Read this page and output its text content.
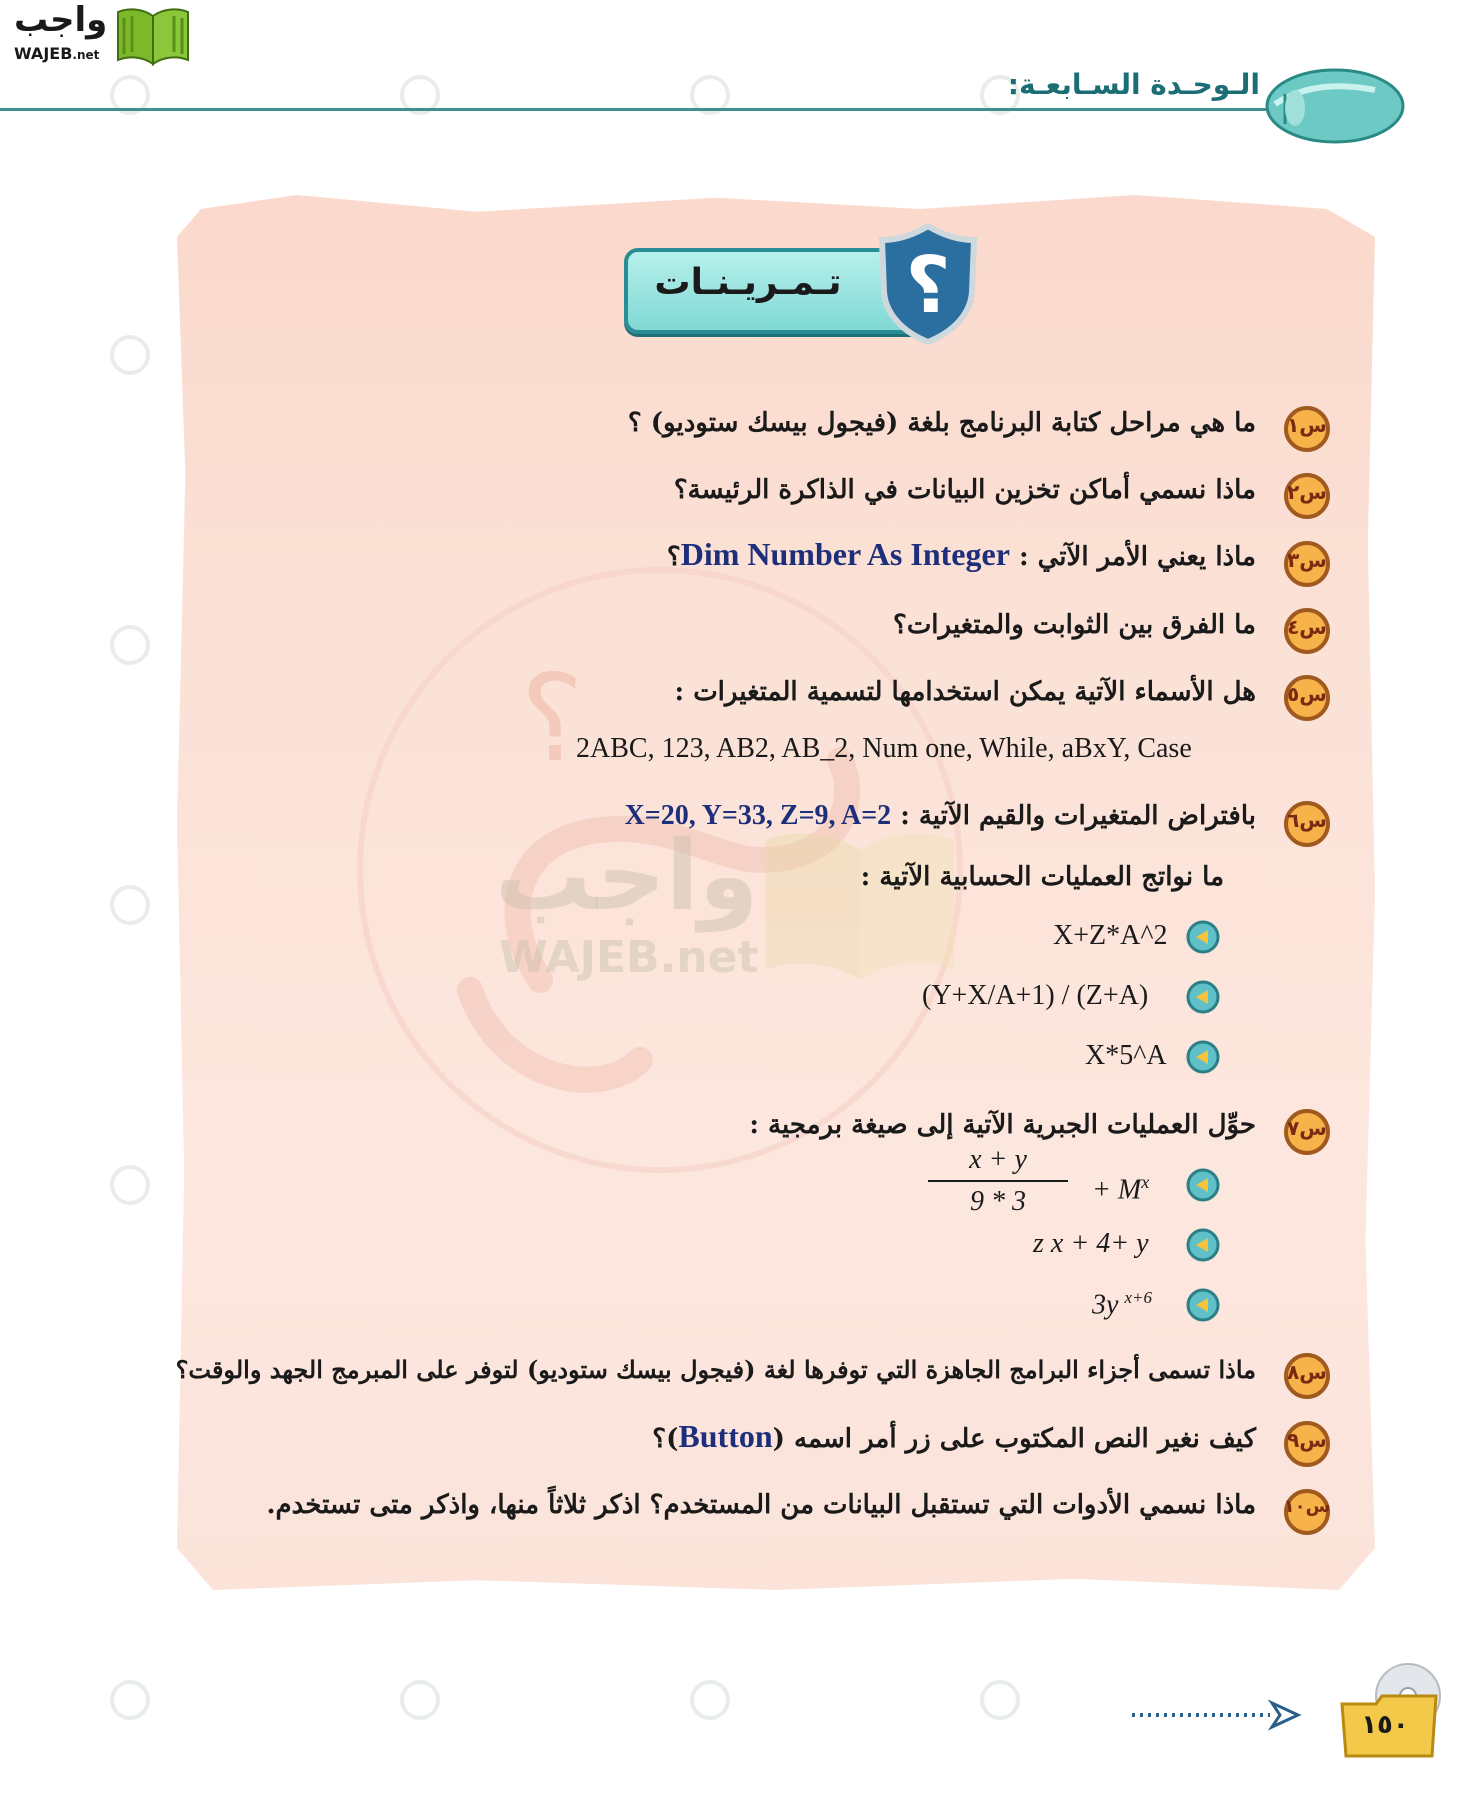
واجب
WAJEB.net
الـوحـدة السـابعـة:
؟
واجب
WAJEB.net
تـمـريـنـات ؟
س١
ما هي مراحل كتابة البرنامج بلغة (فيجول بيسك ستوديو) ؟
س٢
ماذا نسمي أماكن تخزين البيانات في الذاكرة الرئيسة؟
س٣
ماذا يعني الأمر الآتي : Dim Number As Integer؟
س٤
ما الفرق بين الثوابت والمتغيرات؟
س٥
هل الأسماء الآتية يمكن استخدامها لتسمية المتغيرات :
2ABC, 123, AB2, AB_2, Num one, While, aBxY, Case
س٦
بافتراض المتغيرات والقيم الآتية : X=20, Y=33, Z=9, A=2
ما نواتج العمليات الحسابية الآتية :
X+Z*A^2
(Y+X/A+1) / (Z+A)
X*5^A
س٧
حوِّل العمليات الجبرية الآتية إلى صيغة برمجية :
x + y
9 * 3	+ $M^x$
z x + 4+ y
3y $^{x+6}$
س٨
ماذا تسمى أجزاء البرامج الجاهزة التي توفرها لغة (فيجول بيسك ستوديو) لتوفر على المبرمج الجهد والوقت؟
س٩
كيف نغير النص المكتوب على زر أمر اسمه (Button)؟
س١٠
ماذا نسمي الأدوات التي تستقبل البيانات من المستخدم؟ اذكر ثلاثاً منها، واذكر متى تستخدم.
١٥٠
